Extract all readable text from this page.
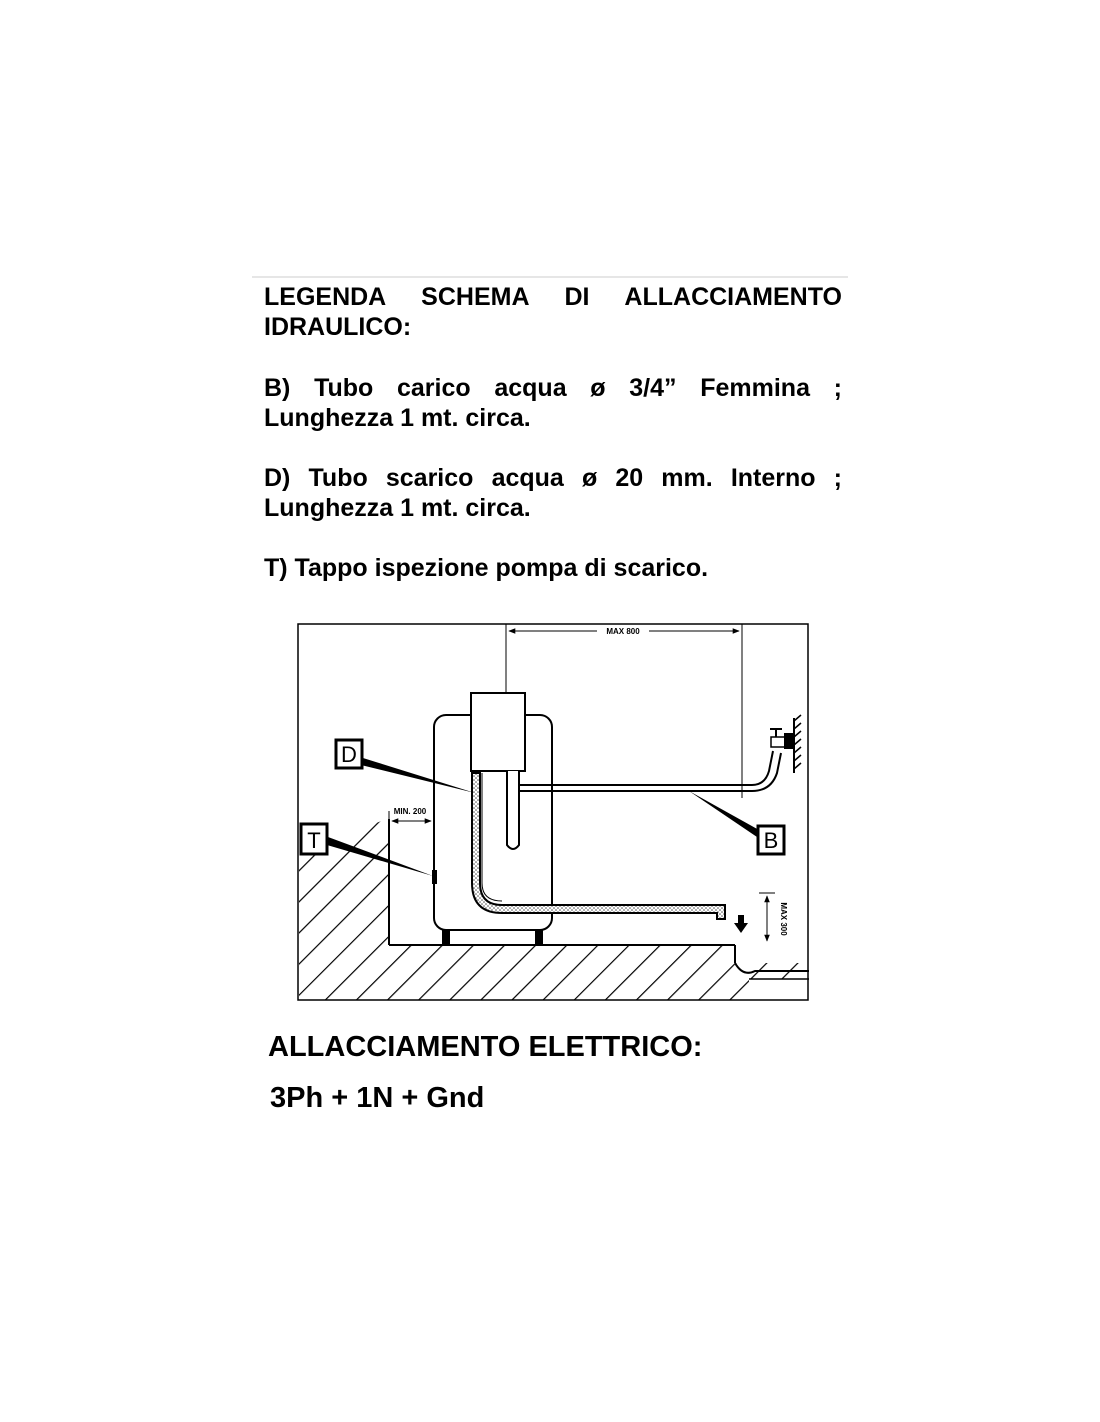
LEGENDA SCHEMA DI ALLACCIAMENTO IDRAULICO:

B) Tubo carico acqua ø 3/4” Femmina ; Lunghezza 1 mt. circa.

D) Tubo scarico acqua ø 20 mm. Interno ; Lunghezza 1 mt. circa.

T) Tappo ispezione pompa di scarico.

MAX 800
MIN. 200
MAX 300
D
T	B
ALLACCIAMENTO ELETTRICO:
3Ph + 1N + Gnd
